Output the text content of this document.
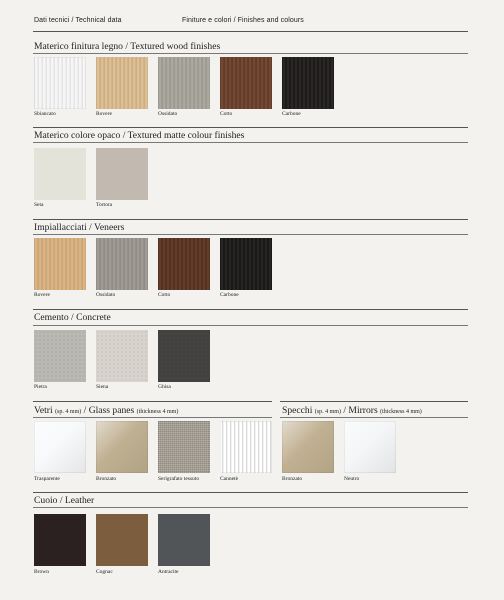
Dati tecnici / Technical data	Finiture e colori / Finishes and colours
Materico finitura legno / Textured wood finishes
Sbiancato	Rovere	Ossidato	Cotto	Carbone
Materico colore opaco / Textured matte colour finishes
Seta	Tortora
Impiallacciati / Veneers
Rovere	Ossidato	Cotto	Carbone
Cemento / Concrete
Pietra	Siena	Ghisa
Vetri (sp. 4 mm) / Glass panes (thickness 4 mm)	Specchi (sp. 4 mm) / Mirrors (thickness 4 mm)
Trasparente	Bronzato	Serigrafato tessuto	Cannetè	Bronzato	Neutro
Cuoio / Leather
Brown	Cognac	Antracite
